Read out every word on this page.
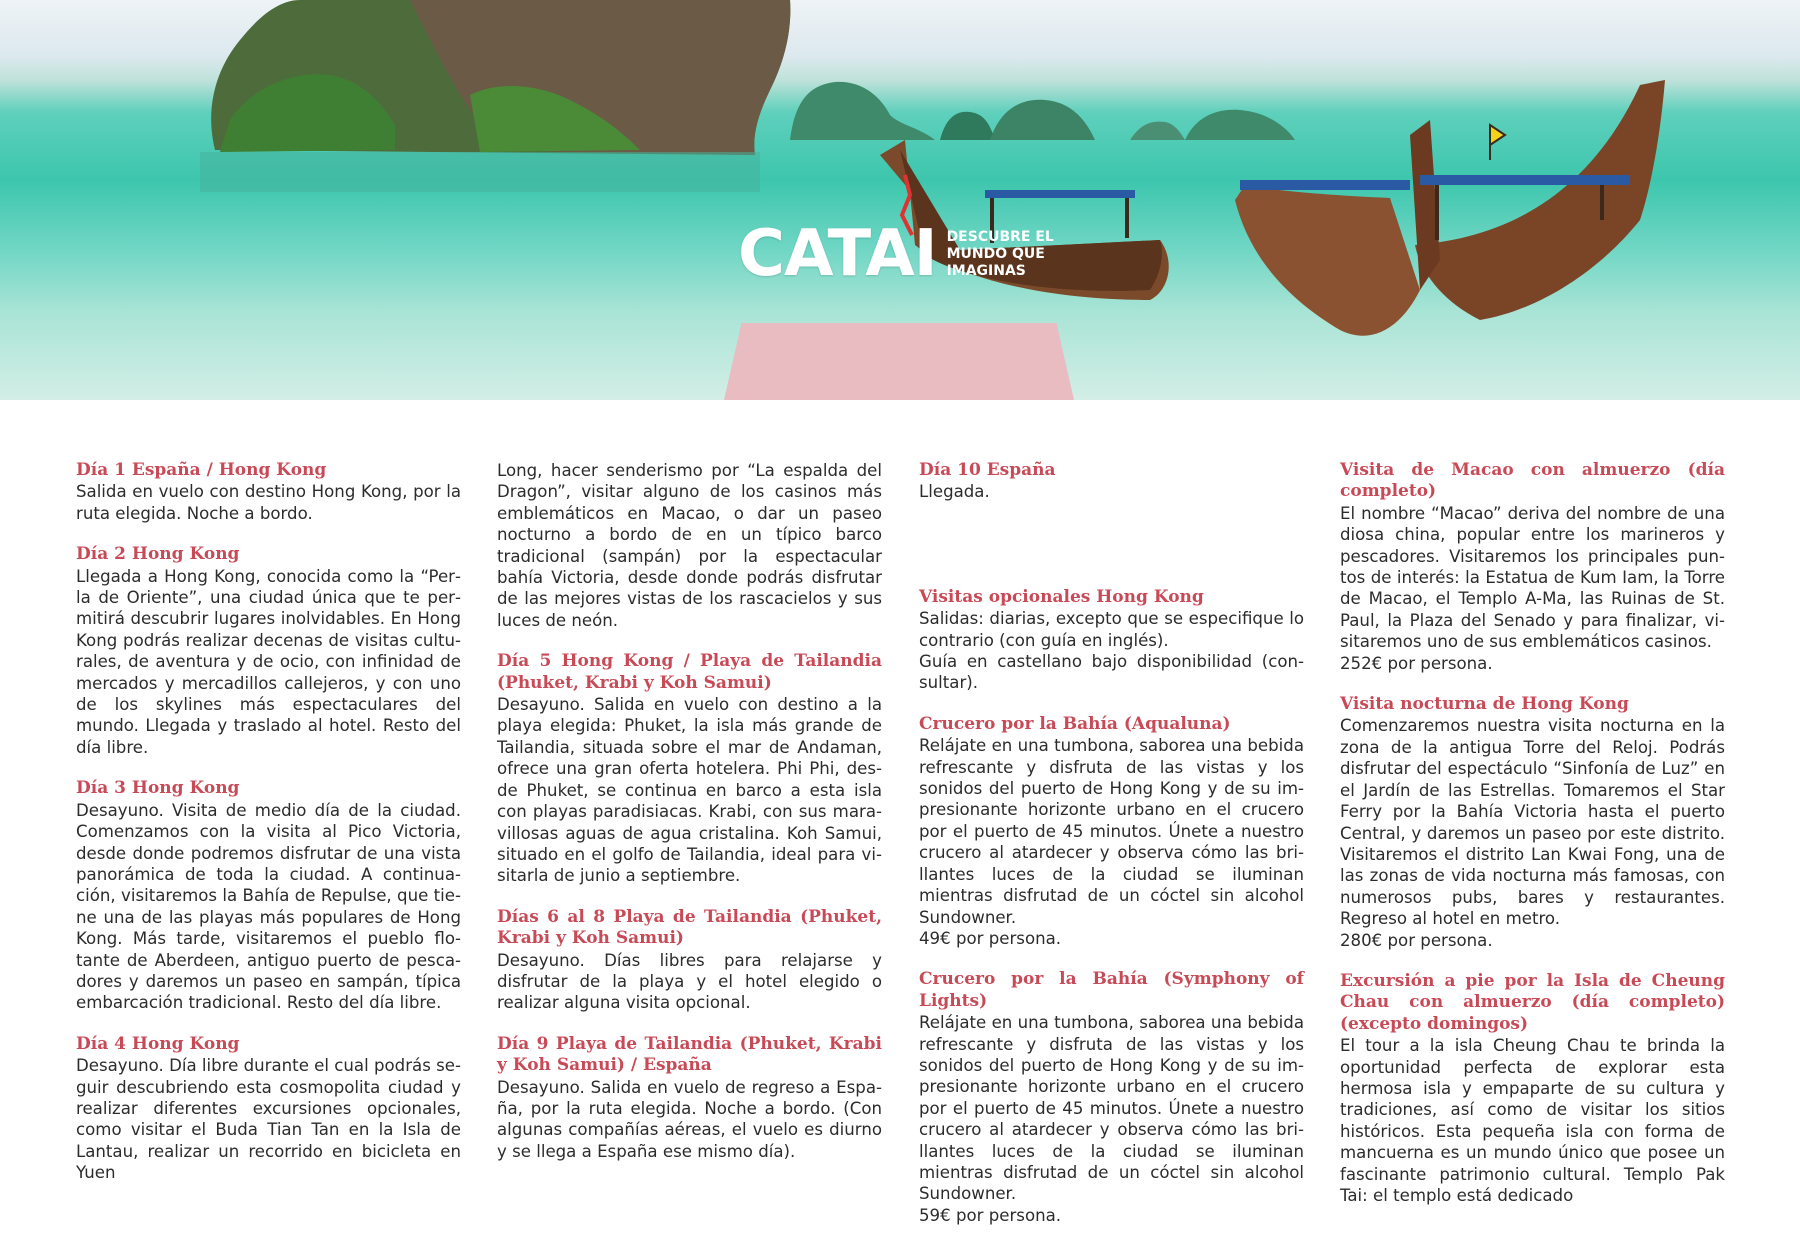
CATAI DESCUBRE EL MUNDO QUE IMAGINAS
Día 1 España / Hong Kong
Salida en vuelo con destino Hong Kong, por la ruta elegida. Noche a bordo.
Día 2 Hong Kong
Llegada a Hong Kong, conocida como la “Perla de Oriente”, una ciudad única que te permitirá descubrir lugares inolvidables. En Hong Kong podrás realizar decenas de visitas culturales, de aventura y de ocio, con infinidad de mercados y mercadillos callejeros, y con uno de los skylines más espectaculares del mundo. Llegada y traslado al hotel. Resto del día libre.
Día 3 Hong Kong
Desayuno. Visita de medio día de la ciudad. Comenzamos con la visita al Pico Victoria, desde donde podremos disfrutar de una vista panorámica de toda la ciudad. A continuación, visitaremos la Bahía de Repulse, que tiene una de las playas más populares de Hong Kong. Más tarde, visitaremos el pueblo flotante de Aberdeen, antiguo puerto de pescadores y daremos un paseo en sampán, típica embarcación tradicional. Resto del día libre.
Día 4 Hong Kong
Desayuno. Día libre durante el cual podrás seguir descubriendo esta cosmopolita ciudad y realizar diferentes excursiones opcionales, como visitar el Buda Tian Tan en la Isla de Lantau, realizar un recorrido en bicicleta en Yuen
Long, hacer senderismo por “La espalda del Dragon”, visitar alguno de los casinos más emblemáticos en Macao, o dar un paseo nocturno a bordo de en un típico barco tradicional (sampán) por la espectacular bahía Victoria, desde donde podrás disfrutar de las mejores vistas de los rascacielos y sus luces de neón.
Día 5 Hong Kong / Playa de Tailandia (Phuket, Krabi y Koh Samui)
Desayuno. Salida en vuelo con destino a la playa elegida: Phuket, la isla más grande de Tailandia, situada sobre el mar de Andaman, ofrece una gran oferta hotelera. Phi Phi, desde Phuket, se continua en barco a esta isla con playas paradisiacas. Krabi, con sus maravillosas aguas de agua cristalina. Koh Samui, situado en el golfo de Tailandia, ideal para visitarla de junio a septiembre.
Días 6 al 8 Playa de Tailandia (Phuket, Krabi y Koh Samui)
Desayuno. Días libres para relajarse y disfrutar de la playa y el hotel elegido o realizar alguna visita opcional.
Día 9 Playa de Tailandia (Phuket, Krabi y Koh Samui) / España
Desayuno. Salida en vuelo de regreso a España, por la ruta elegida. Noche a bordo. (Con algunas compañías aéreas, el vuelo es diurno y se llega a España ese mismo día).
Día 10 España
Llegada.
Visitas opcionales Hong Kong
Salidas: diarias, excepto que se especifique lo contrario (con guía en inglés).
Guía en castellano bajo disponibilidad (consultar).
Crucero por la Bahía (Aqualuna)
Relájate en una tumbona, saborea una bebida refrescante y disfruta de las vistas y los sonidos del puerto de Hong Kong y de su impresionante horizonte urbano en el crucero por el puerto de 45 minutos. Únete a nuestro crucero al atardecer y observa cómo las brillantes luces de la ciudad se iluminan mientras disfrutad de un cóctel sin alcohol Sundowner.
49€ por persona.
Crucero por la Bahía (Symphony of Lights)
Relájate en una tumbona, saborea una bebida refrescante y disfruta de las vistas y los sonidos del puerto de Hong Kong y de su impresionante horizonte urbano en el crucero por el puerto de 45 minutos. Únete a nuestro crucero al atardecer y observa cómo las brillantes luces de la ciudad se iluminan mientras disfrutad de un cóctel sin alcohol Sundowner.
59€ por persona.
Visita de Macao con almuerzo (día completo)
El nombre “Macao” deriva del nombre de una diosa china, popular entre los marineros y pescadores. Visitaremos los principales puntos de interés: la Estatua de Kum Iam, la Torre de Macao, el Templo A-Ma, las Ruinas de St. Paul, la Plaza del Senado y para finalizar, visitaremos uno de sus emblemáticos casinos.
252€ por persona.
Visita nocturna de Hong Kong
Comenzaremos nuestra visita nocturna en la zona de la antigua Torre del Reloj. Podrás disfrutar del espectáculo “Sinfonía de Luz” en el Jardín de las Estrellas. Tomaremos el Star Ferry por la Bahía Victoria hasta el puerto Central, y daremos un paseo por este distrito. Visitaremos el distrito Lan Kwai Fong, una de las zonas de vida nocturna más famosas, con numerosos pubs, bares y restaurantes. Regreso al hotel en metro.
280€ por persona.
Excursión a pie por la Isla de Cheung Chau con almuerzo (día completo) (excepto domingos)
El tour a la isla Cheung Chau te brinda la oportunidad perfecta de explorar esta hermosa isla y empaparte de su cultura y tradiciones, así como de visitar los sitios históricos. Esta pequeña isla con forma de mancuerna es un mundo único que posee un fascinante patrimonio cultural. Templo Pak Tai: el templo está dedicado
